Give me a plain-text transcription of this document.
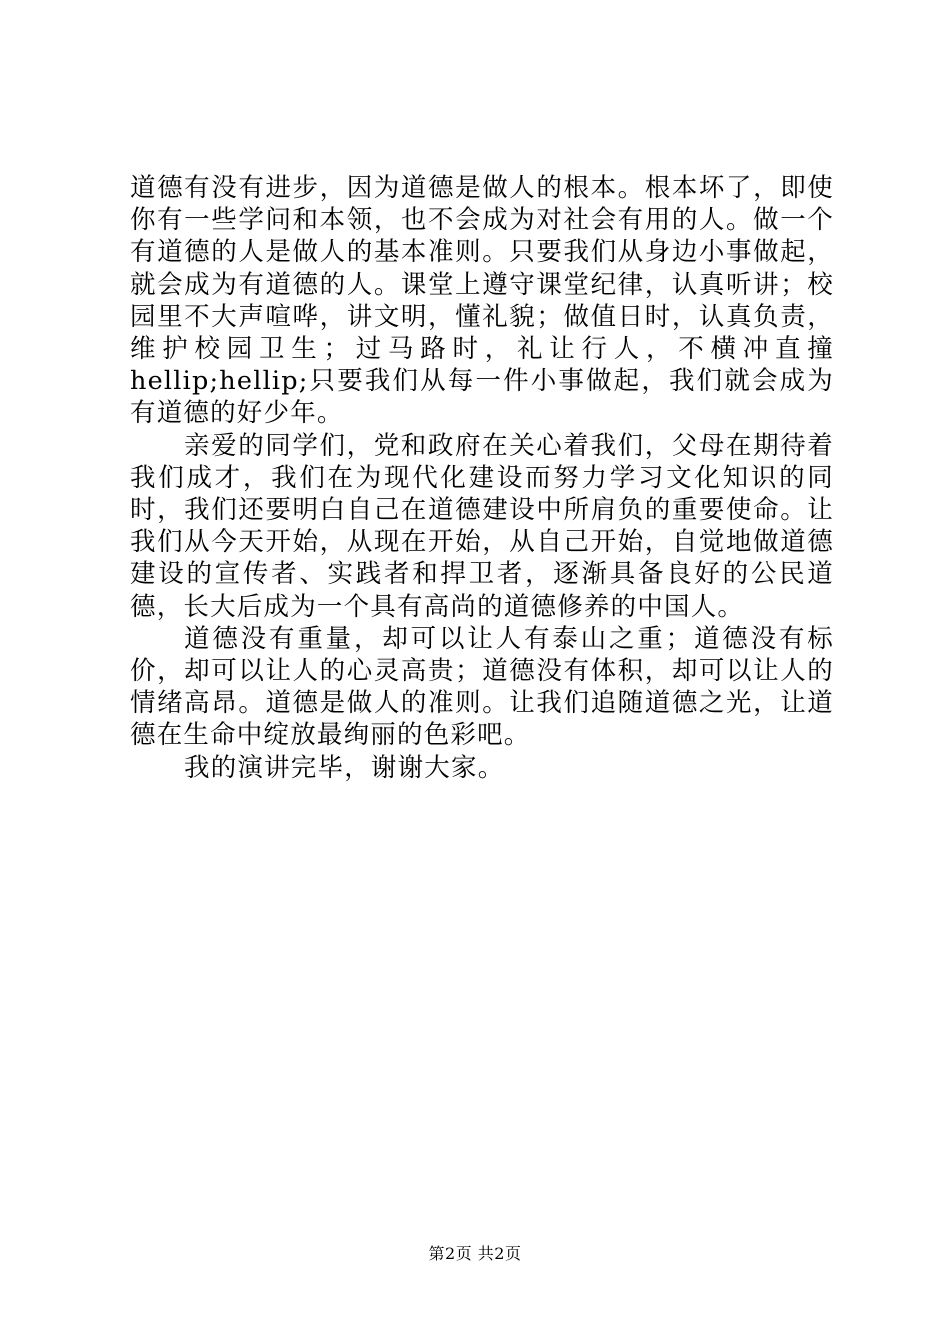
道德有没有进步，因为道德是做人的根本。根本坏了，即使你有一些学问和本领，也不会成为对社会有用的人。做一个有道德的人是做人的基本准则。只要我们从身边小事做起，就会成为有道德的人。课堂上遵守课堂纪律，认真听讲；校园里不大声喧哗，讲文明，懂礼貌；做值日时，认真负责，维护校园卫生；过马路时，礼让行人，不横冲直撞hellip;hellip;只要我们从每一件小事做起，我们就会成为有道德的好少年。

亲爱的同学们，党和政府在关心着我们，父母在期待着我们成才，我们在为现代化建设而努力学习文化知识的同时，我们还要明白自己在道德建设中所肩负的重要使命。让我们从今天开始，从现在开始，从自己开始，自觉地做道德建设的宣传者、实践者和捍卫者，逐渐具备良好的公民道德，长大后成为一个具有高尚的道德修养的中国人。

道德没有重量，却可以让人有泰山之重；道德没有标价，却可以让人的心灵高贵；道德没有体积，却可以让人的情绪高昂。道德是做人的准则。让我们追随道德之光，让道德在生命中绽放最绚丽的色彩吧。

我的演讲完毕，谢谢大家。

第2页 共2页
